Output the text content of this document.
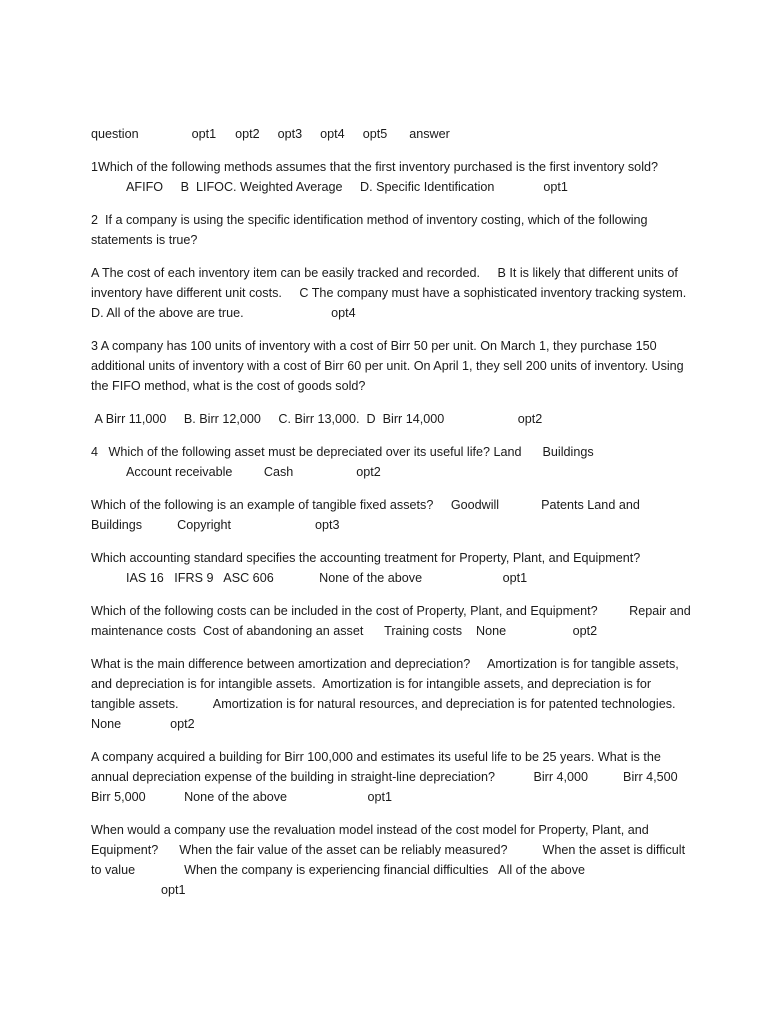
question	opt1 opt2 opt3 opt4 opt5 answer

1Which of the following methods assumes that the first inventory purchased is the first inventory sold?
AFIFO     B  LIFOC. Weighted Average     D. Specific Identification              opt1

2  If a company is using the specific identification method of inventory costing, which of the following statements is true?

A The cost of each inventory item can be easily tracked and recorded.     B It is likely that different units of inventory have different unit costs.     C The company must have a sophisticated inventory tracking system. D. All of the above are true.                         opt4

3 A company has 100 units of inventory with a cost of Birr 50 per unit. On March 1, they purchase 150 additional units of inventory with a cost of Birr 60 per unit. On April 1, they sell 200 units of inventory. Using the FIFO method, what is the cost of goods sold?

A Birr 11,000     B. Birr 12,000     C. Birr 13,000.  D  Birr 14,000                     opt2

4   Which of the following asset must be depreciated over its useful life? Land      Buildings
Account receivable         Cash                  opt2

Which of the following is an example of tangible fixed assets?     Goodwill            Patents Land and Buildings          Copyright                        opt3

Which accounting standard specifies the accounting treatment for Property, Plant, and Equipment?
IAS 16   IFRS 9   ASC 606             None of the above                       opt1

Which of the following costs can be included in the cost of Property, Plant, and Equipment?         Repair and maintenance costs  Cost of abandoning an asset      Training costs    None                   opt2

What is the main difference between amortization and depreciation?     Amortization is for tangible assets, and depreciation is for intangible assets.  Amortization is for intangible assets, and depreciation is for tangible assets.          Amortization is for natural resources, and depreciation is for patented technologies.     None              opt2

A company acquired a building for Birr 100,000 and estimates its useful life to be 25 years. What is the annual depreciation expense of the building in straight-line depreciation?           Birr 4,000          Birr 4,500    Birr 5,000           None of the above                       opt1

When would a company use the revaluation model instead of the cost model for Property, Plant, and Equipment?      When the fair value of the asset can be reliably measured?          When the asset is difficult to value              When the company is experiencing financial difficulties   All of the above
opt1
